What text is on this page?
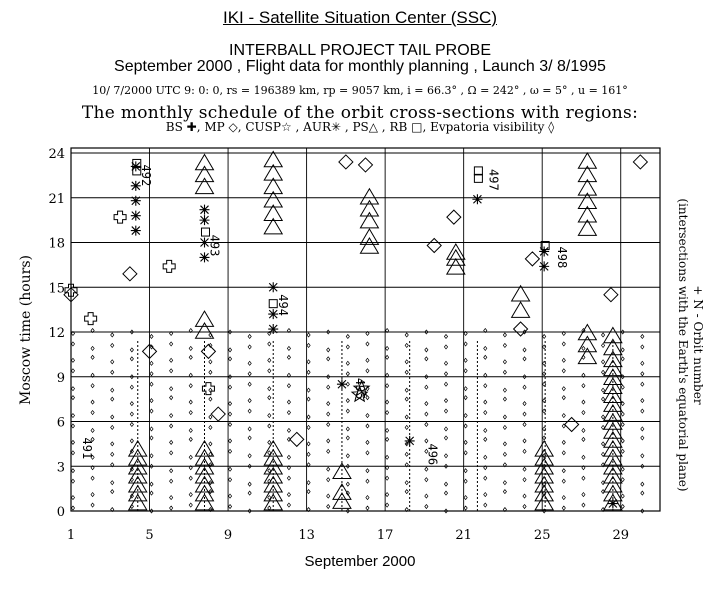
IKI - Satellite Situation Center (SSC)
INTERBALL PROJECT TAIL PROBE
September 2000 , Flight data for monthly planning , Launch 3/ 8/1995
10/ 7/2000 UTC 9: 0: 0, rs = 196389 km, rp = 9057 km, i = 66.3° , Ω = 242° , ω = 5° , u = 161°
The monthly schedule of the orbit cross-sections with regions:
BS ✚, MP ◇, CUSP☆ , AUR✳ , PS△ , RB □, Evpatoria visibility ◊
0
3
6
9
12
15
18
21
24
1	5	9	13	17	21	25	29
492
493
494
495
496
497
498
491
Moscow time (hours)	+ N - Orbit number
(intersections with the Earth's equatorial plane)
September 2000
